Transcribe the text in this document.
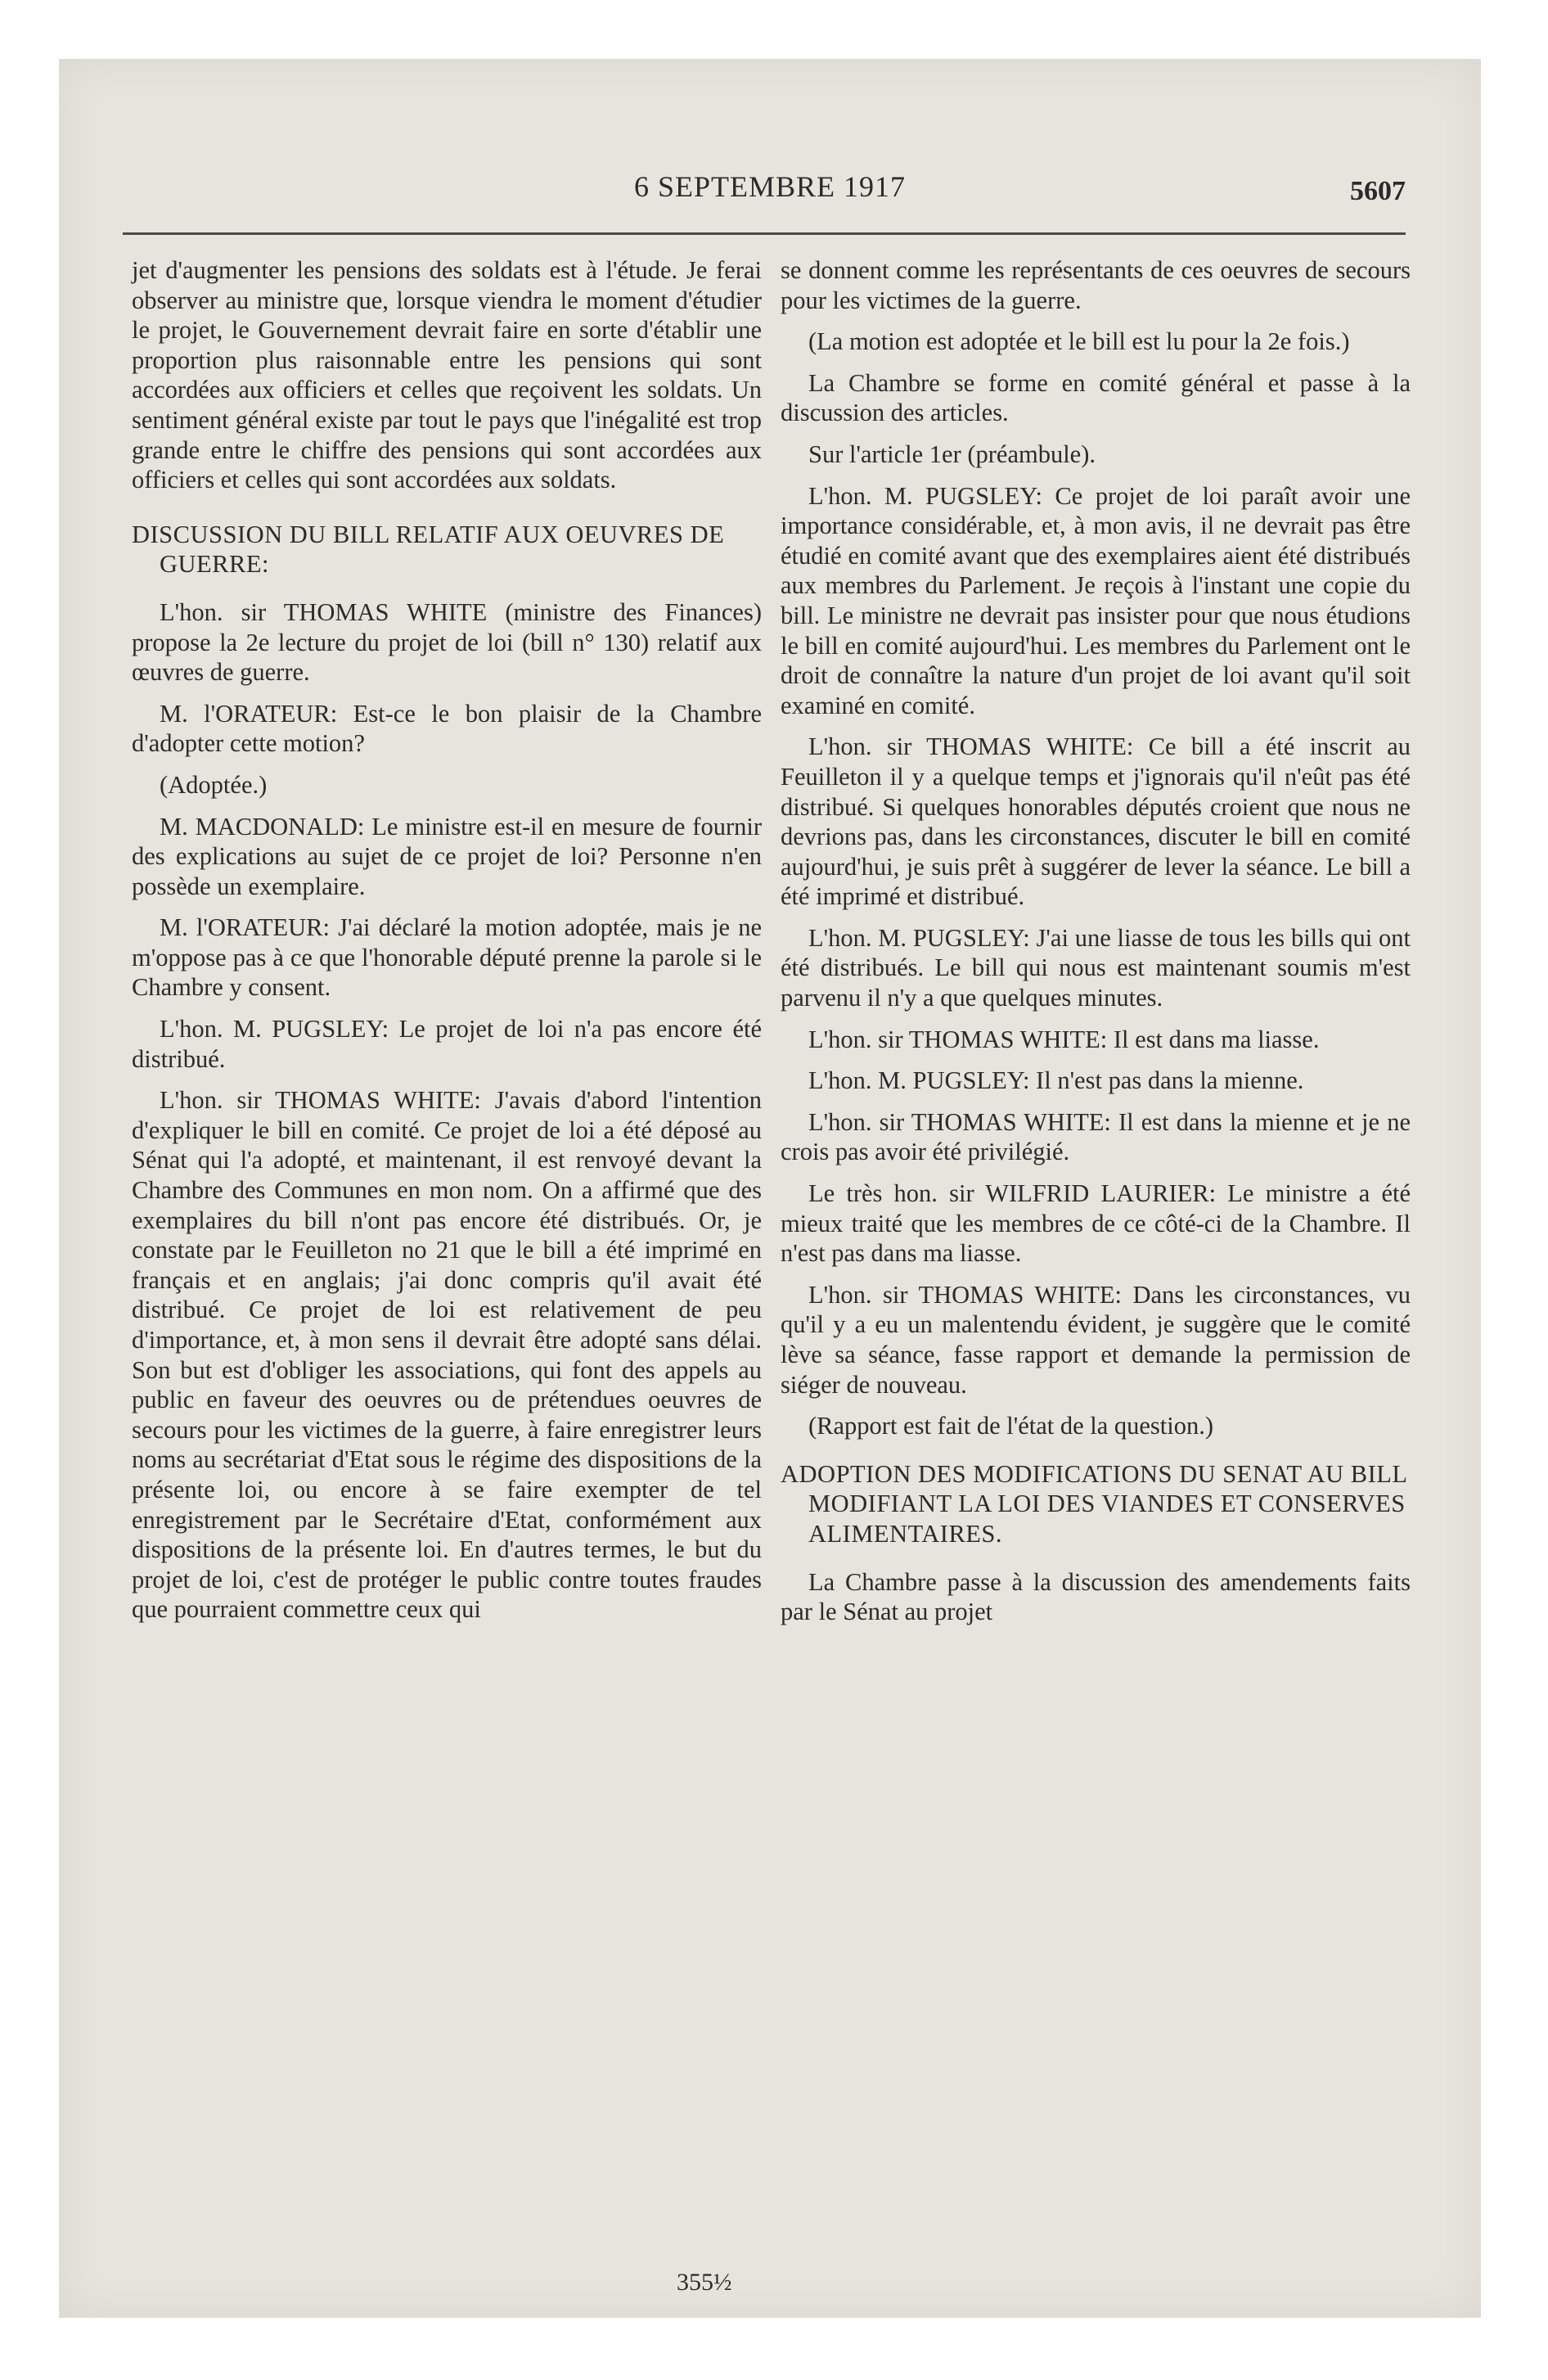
6 SEPTEMBRE 1917	5607

jet d'augmenter les pensions des soldats est à l'étude. Je ferai observer au ministre que, lorsque viendra le moment d'étudier le projet, le Gouvernement devrait faire en sorte d'établir une proportion plus raisonnable entre les pensions qui sont accordées aux officiers et celles que reçoivent les soldats. Un sentiment général existe par tout le pays que l'inégalité est trop grande entre le chiffre des pensions qui sont accordées aux officiers et celles qui sont accordées aux soldats.

DISCUSSION DU BILL RELATIF AUX OEUVRES DE GUERRE:

L'hon. sir THOMAS WHITE (ministre des Finances) propose la 2e lecture du projet de loi (bill n° 130) relatif aux œuvres de guerre.

M. l'ORATEUR: Est-ce le bon plaisir de la Chambre d'adopter cette motion?

(Adoptée.)

M. MACDONALD: Le ministre est-il en mesure de fournir des explications au sujet de ce projet de loi? Personne n'en possède un exemplaire.

M. l'ORATEUR: J'ai déclaré la motion adoptée, mais je ne m'oppose pas à ce que l'honorable député prenne la parole si le Chambre y consent.

L'hon. M. PUGSLEY: Le projet de loi n'a pas encore été distribué.

L'hon. sir THOMAS WHITE: J'avais d'abord l'intention d'expliquer le bill en comité. Ce projet de loi a été déposé au Sénat qui l'a adopté, et maintenant, il est renvoyé devant la Chambre des Communes en mon nom. On a affirmé que des exemplaires du bill n'ont pas encore été distribués. Or, je constate par le Feuilleton no 21 que le bill a été imprimé en français et en anglais; j'ai donc compris qu'il avait été distribué. Ce projet de loi est relativement de peu d'importance, et, à mon sens il devrait être adopté sans délai. Son but est d'obliger les associations, qui font des appels au public en faveur des oeuvres ou de prétendues oeuvres de secours pour les victimes de la guerre, à faire enregistrer leurs noms au secrétariat d'Etat sous le régime des dispositions de la présente loi, ou encore à se faire exempter de tel enregistrement par le Secrétaire d'Etat, conformément aux dispositions de la présente loi. En d'autres termes, le but du projet de loi, c'est de protéger le public contre toutes fraudes que pourraient commettre ceux qui

se donnent comme les représentants de ces oeuvres de secours pour les victimes de la guerre.

(La motion est adoptée et le bill est lu pour la 2e fois.)

La Chambre se forme en comité général et passe à la discussion des articles.

Sur l'article 1er (préambule).

L'hon. M. PUGSLEY: Ce projet de loi paraît avoir une importance considérable, et, à mon avis, il ne devrait pas être étudié en comité avant que des exemplaires aient été distribués aux membres du Parlement. Je reçois à l'instant une copie du bill. Le ministre ne devrait pas insister pour que nous étudions le bill en comité aujourd'hui. Les membres du Parlement ont le droit de connaître la nature d'un projet de loi avant qu'il soit examiné en comité.

L'hon. sir THOMAS WHITE: Ce bill a été inscrit au Feuilleton il y a quelque temps et j'ignorais qu'il n'eût pas été distribué. Si quelques honorables députés croient que nous ne devrions pas, dans les circonstances, discuter le bill en comité aujourd'hui, je suis prêt à suggérer de lever la séance. Le bill a été imprimé et distribué.

L'hon. M. PUGSLEY: J'ai une liasse de tous les bills qui ont été distribués. Le bill qui nous est maintenant soumis m'est parvenu il n'y a que quelques minutes.

L'hon. sir THOMAS WHITE: Il est dans ma liasse.

L'hon. M. PUGSLEY: Il n'est pas dans la mienne.

L'hon. sir THOMAS WHITE: Il est dans la mienne et je ne crois pas avoir été privilégié.

Le très hon. sir WILFRID LAURIER: Le ministre a été mieux traité que les membres de ce côté-ci de la Chambre. Il n'est pas dans ma liasse.

L'hon. sir THOMAS WHITE: Dans les circonstances, vu qu'il y a eu un malentendu évident, je suggère que le comité lève sa séance, fasse rapport et demande la permission de siéger de nouveau.

(Rapport est fait de l'état de la question.)

ADOPTION DES MODIFICATIONS DU SENAT AU BILL MODIFIANT LA LOI DES VIANDES ET CONSERVES ALIMENTAIRES.

La Chambre passe à la discussion des amendements faits par le Sénat au projet

355½
